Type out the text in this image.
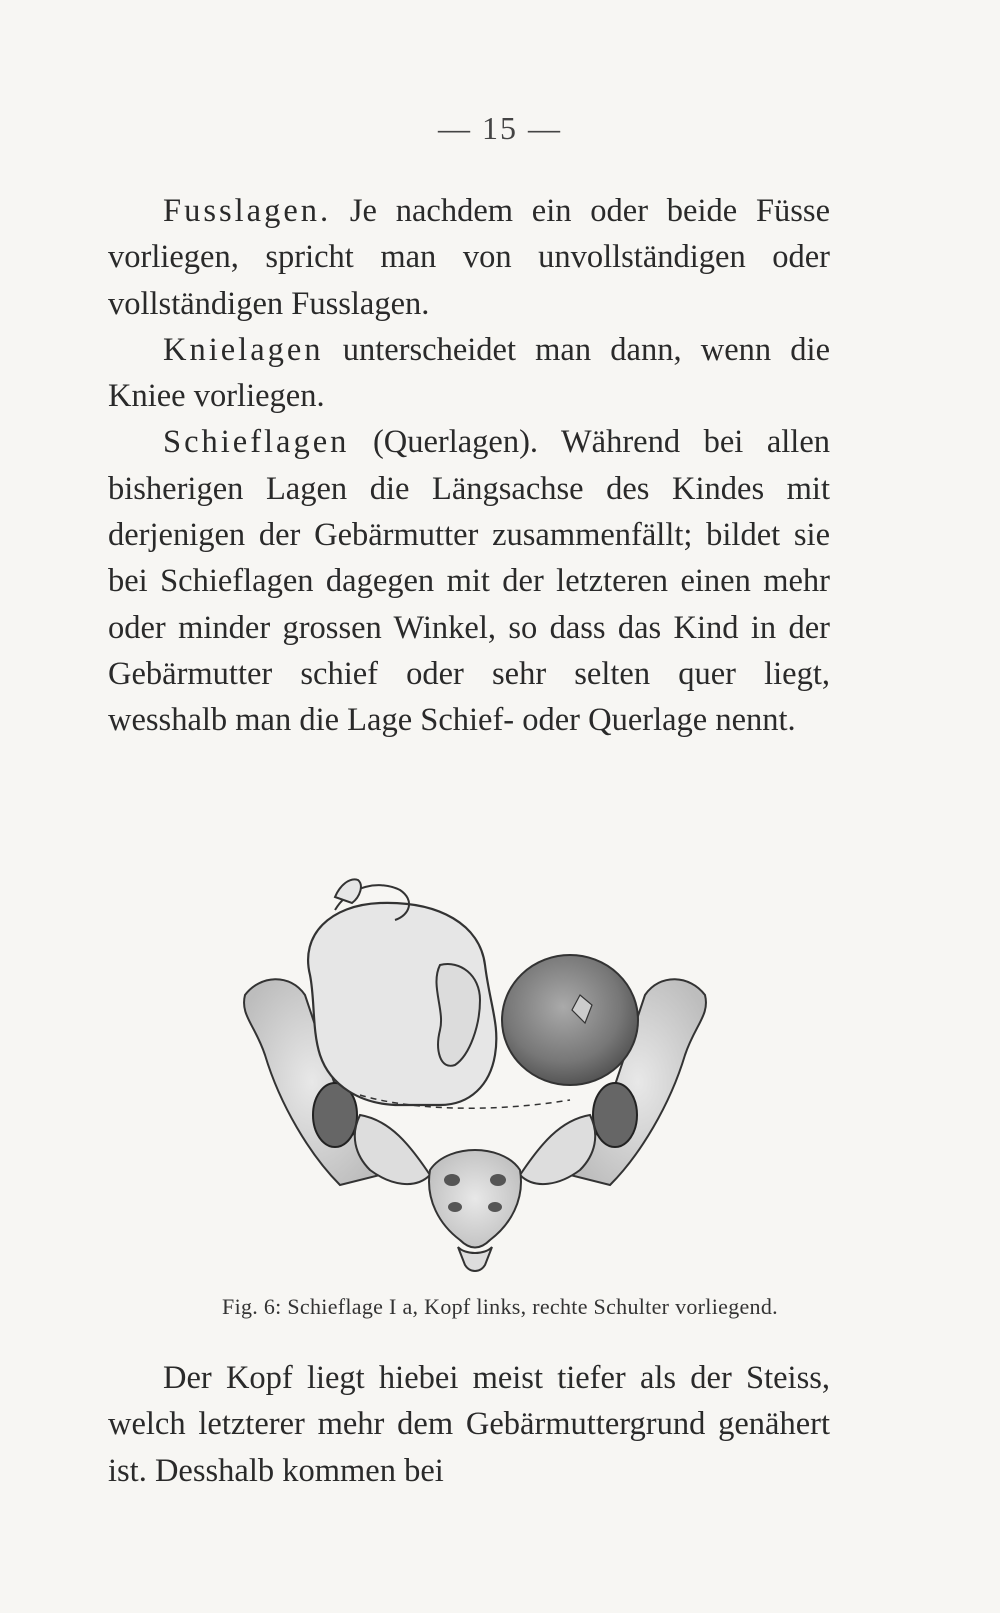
— 15 —

Fusslagen. Je nachdem ein oder beide Füsse vorliegen, spricht man von unvollständigen oder vollständigen Fusslagen.

Knielagen unterscheidet man dann, wenn die Kniee vorliegen.

Schieflagen (Querlagen). Während bei allen bisherigen Lagen die Längsachse des Kindes mit derjenigen der Gebärmutter zusammenfällt; bildet sie bei Schieflagen dagegen mit der letzteren einen mehr oder minder grossen Winkel, so dass das Kind in der Gebärmutter schief oder sehr selten quer liegt, wesshalb man die Lage Schief- oder Querlage nennt.

Fig. 6: Schieflage I a, Kopf links, rechte Schulter vorliegend.

Der Kopf liegt hiebei meist tiefer als der Steiss, welch letzterer mehr dem Gebärmuttergrund genähert ist. Desshalb kommen bei
